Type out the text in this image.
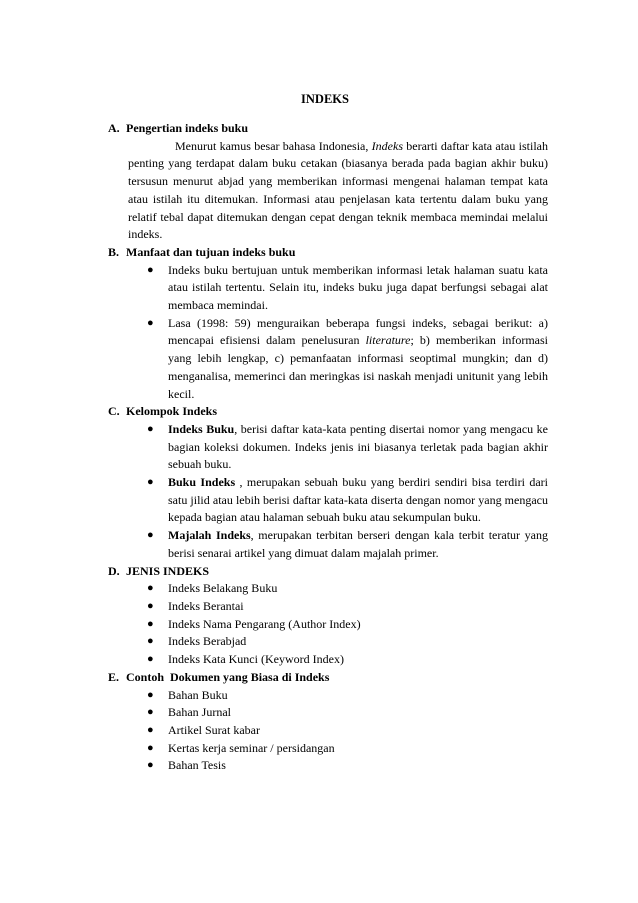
INDEKS
A. Pengertian indeks buku
Menurut kamus besar bahasa Indonesia, Indeks berarti daftar kata atau istilah penting yang terdapat dalam buku cetakan (biasanya berada pada bagian akhir buku) tersusun menurut abjad yang memberikan informasi mengenai halaman tempat kata atau istilah itu ditemukan. Informasi atau penjelasan kata tertentu dalam buku yang relatif tebal dapat ditemukan dengan cepat dengan teknik membaca memindai melalui indeks.
B. Manfaat dan tujuan indeks buku
● Indeks buku bertujuan untuk memberikan informasi letak halaman suatu kata atau istilah tertentu. Selain itu, indeks buku juga dapat berfungsi sebagai alat membaca memindai.
● Lasa (1998: 59) menguraikan beberapa fungsi indeks, sebagai berikut: a) mencapai efisiensi dalam penelusuran literature; b) memberikan informasi yang lebih lengkap, c) pemanfaatan informasi seoptimal mungkin; dan d) menganalisa, memerinci dan meringkas isi naskah menjadi unitunit yang lebih kecil.
C. Kelompok Indeks
● Indeks Buku, berisi daftar kata-kata penting disertai nomor yang mengacu ke bagian koleksi dokumen. Indeks jenis ini biasanya terletak pada bagian akhir sebuah buku.
● Buku Indeks , merupakan sebuah buku yang berdiri sendiri bisa terdiri dari satu jilid atau lebih berisi daftar kata-kata diserta dengan nomor yang mengacu kepada bagian atau halaman sebuah buku atau sekumpulan buku.
● Majalah Indeks, merupakan terbitan berseri dengan kala terbit teratur yang berisi senarai artikel yang dimuat dalam majalah primer.
D. JENIS INDEKS
● Indeks Belakang Buku
● Indeks Berantai
● Indeks Nama Pengarang (Author Index)
● Indeks Berabjad
● Indeks Kata Kunci (Keyword Index)
E. Contoh  Dokumen yang Biasa di Indeks
● Bahan Buku
● Bahan Jurnal
● Artikel Surat kabar
● Kertas kerja seminar / persidangan
● Bahan Tesis
